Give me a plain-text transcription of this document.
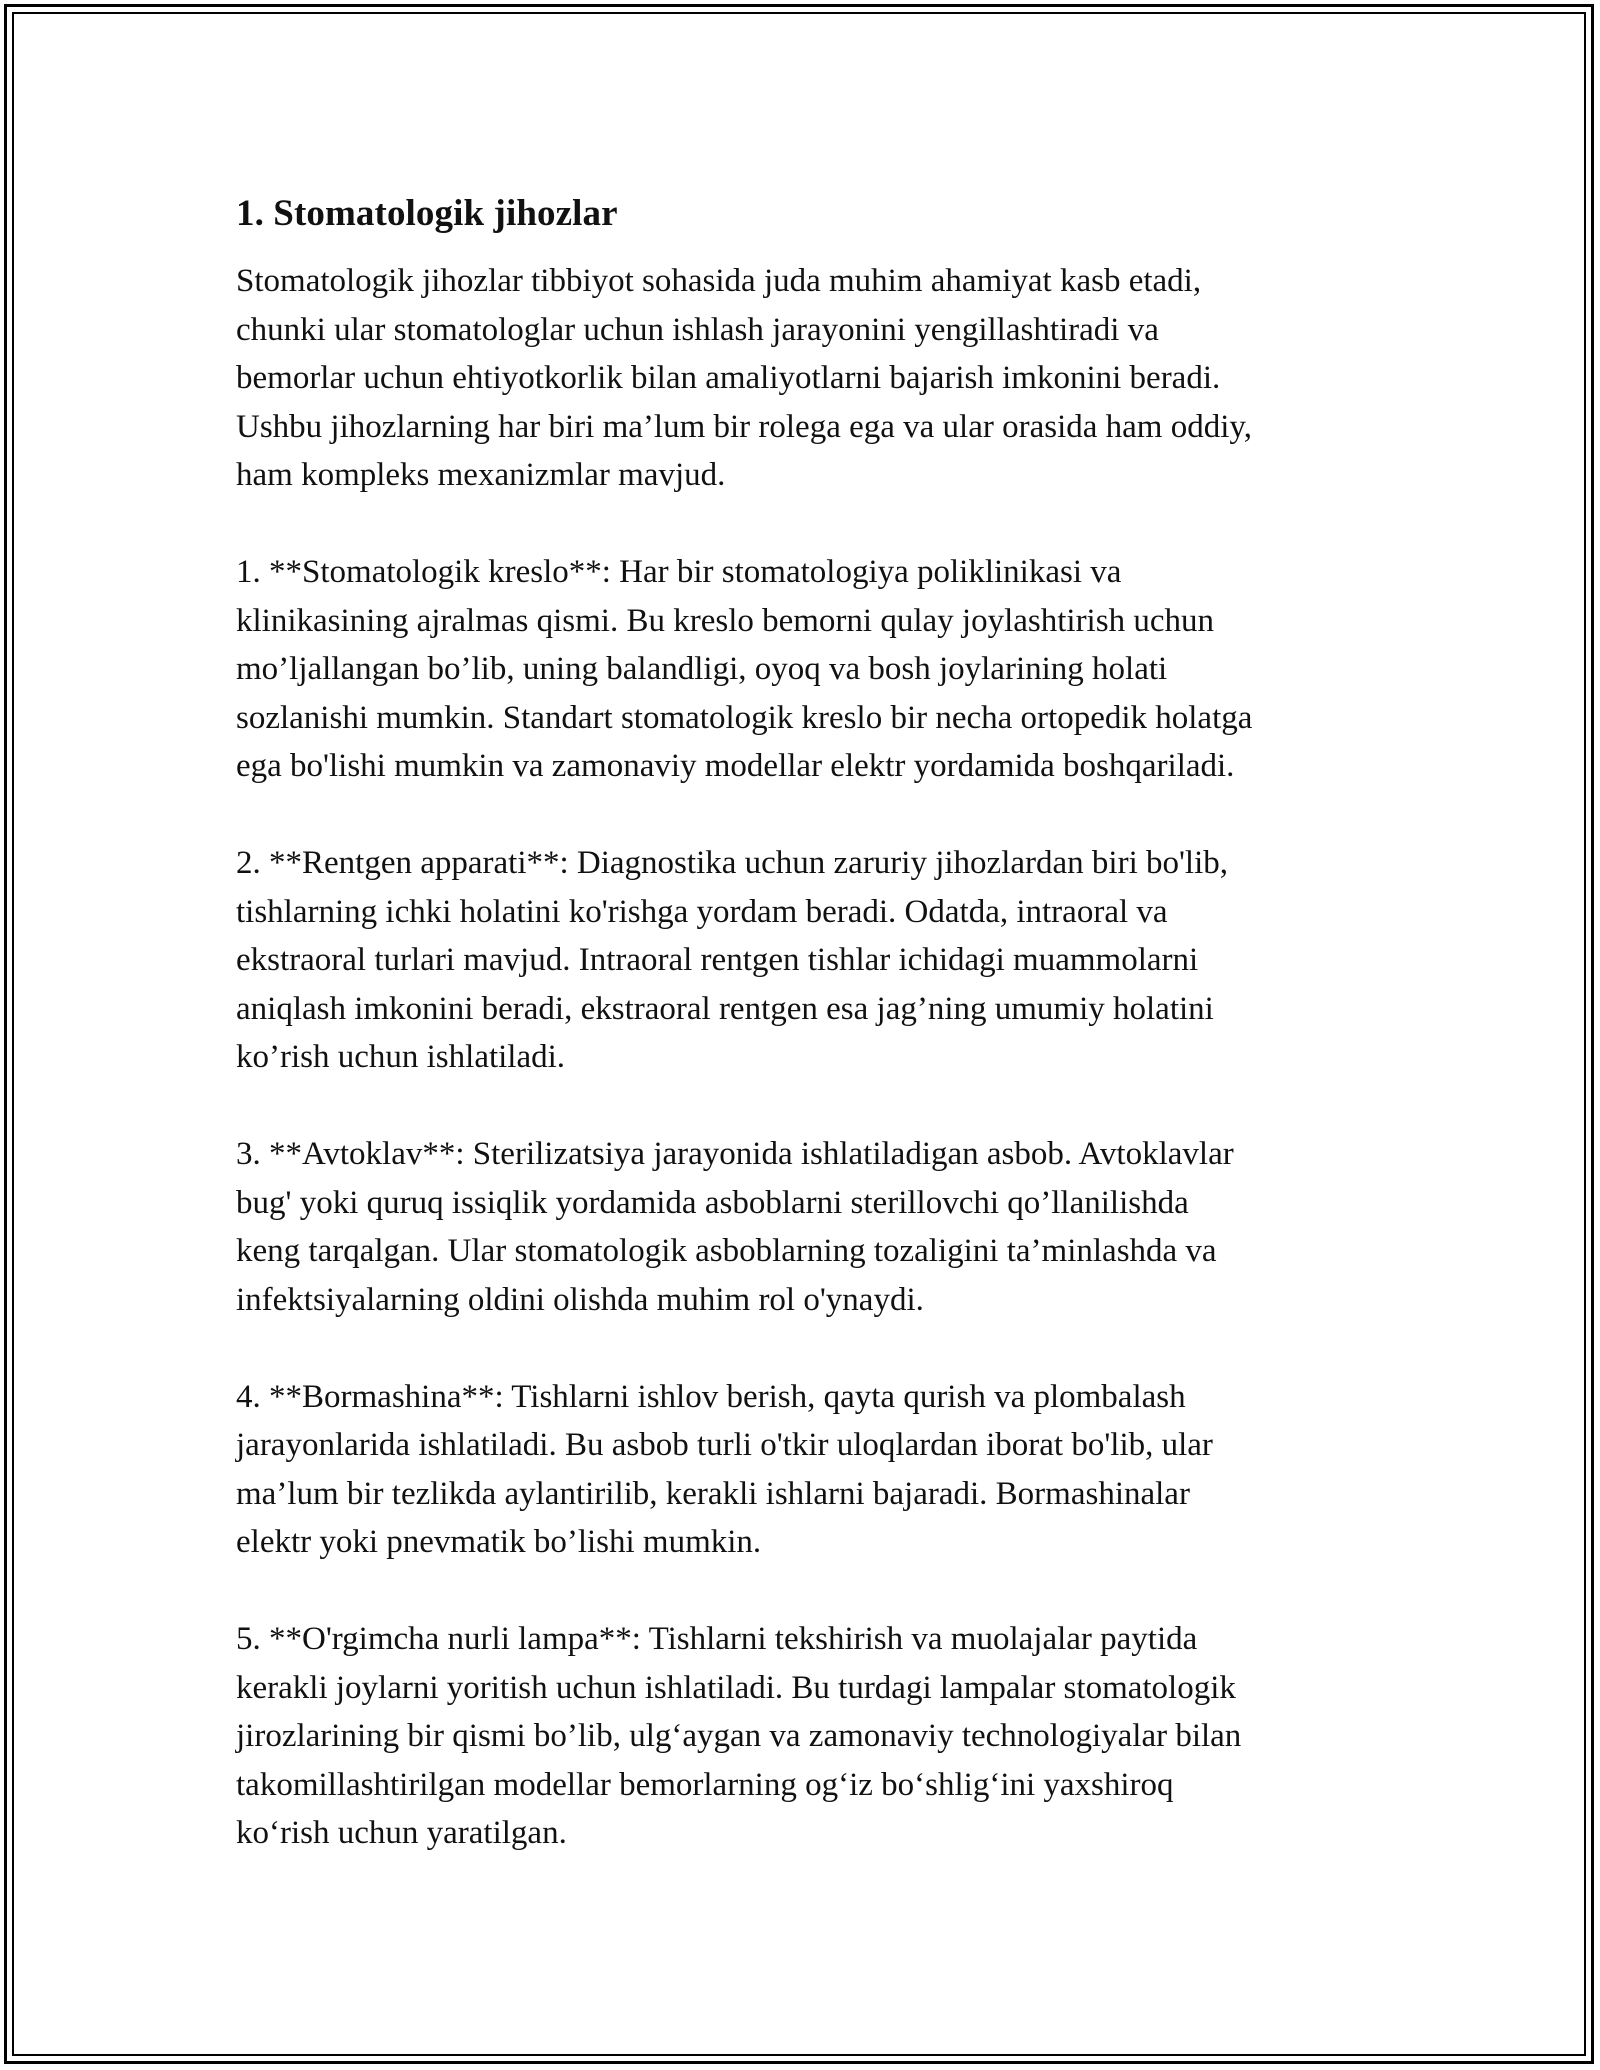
1. Stomatologik jihozlar

Stomatologik jihozlar tibbiyot sohasida juda muhim ahamiyat kasb etadi,
chunki ular stomatologlar uchun ishlash jarayonini yengillashtiradi va
bemorlar uchun ehtiyotkorlik bilan amaliyotlarni bajarish imkonini beradi.
Ushbu jihozlarning har biri ma’lum bir rolega ega va ular orasida ham oddiy,
ham kompleks mexanizmlar mavjud.

1. **Stomatologik kreslo**: Har bir stomatologiya poliklinikasi va
klinikasining ajralmas qismi. Bu kreslo bemorni qulay joylashtirish uchun
mo’ljallangan bo’lib, uning balandligi, oyoq va bosh joylarining holati
sozlanishi mumkin. Standart stomatologik kreslo bir necha ortopedik holatga
ega bo'lishi mumkin va zamonaviy modellar elektr yordamida boshqariladi.

2. **Rentgen apparati**: Diagnostika uchun zaruriy jihozlardan biri bo'lib,
tishlarning ichki holatini ko'rishga yordam beradi. Odatda, intraoral va
ekstraoral turlari mavjud. Intraoral rentgen tishlar ichidagi muammolarni
aniqlash imkonini beradi, ekstraoral rentgen esa jag’ning umumiy holatini
ko’rish uchun ishlatiladi.

3. **Avtoklav**: Sterilizatsiya jarayonida ishlatiladigan asbob. Avtoklavlar
bug' yoki quruq issiqlik yordamida asboblarni sterillovchi qo’llanilishda
keng tarqalgan. Ular stomatologik asboblarning tozaligini ta’minlashda va
infektsiyalarning oldini olishda muhim rol o'ynaydi.

4. **Bormashina**: Tishlarni ishlov berish, qayta qurish va plombalash
jarayonlarida ishlatiladi. Bu asbob turli o'tkir uloqlardan iborat bo'lib, ular
ma’lum bir tezlikda aylantirilib, kerakli ishlarni bajaradi. Bormashinalar
elektr yoki pnevmatik bo’lishi mumkin.

5. **O'rgimcha nurli lampa**: Tishlarni tekshirish va muolajalar paytida
kerakli joylarni yoritish uchun ishlatiladi. Bu turdagi lampalar stomatologik
jirozlarining bir qismi bo’lib, ulg‘aygan va zamonaviy technologiyalar bilan
takomillashtirilgan modellar bemorlarning og‘iz bo‘shlig‘ini yaxshiroq
ko‘rish uchun yaratilgan.
